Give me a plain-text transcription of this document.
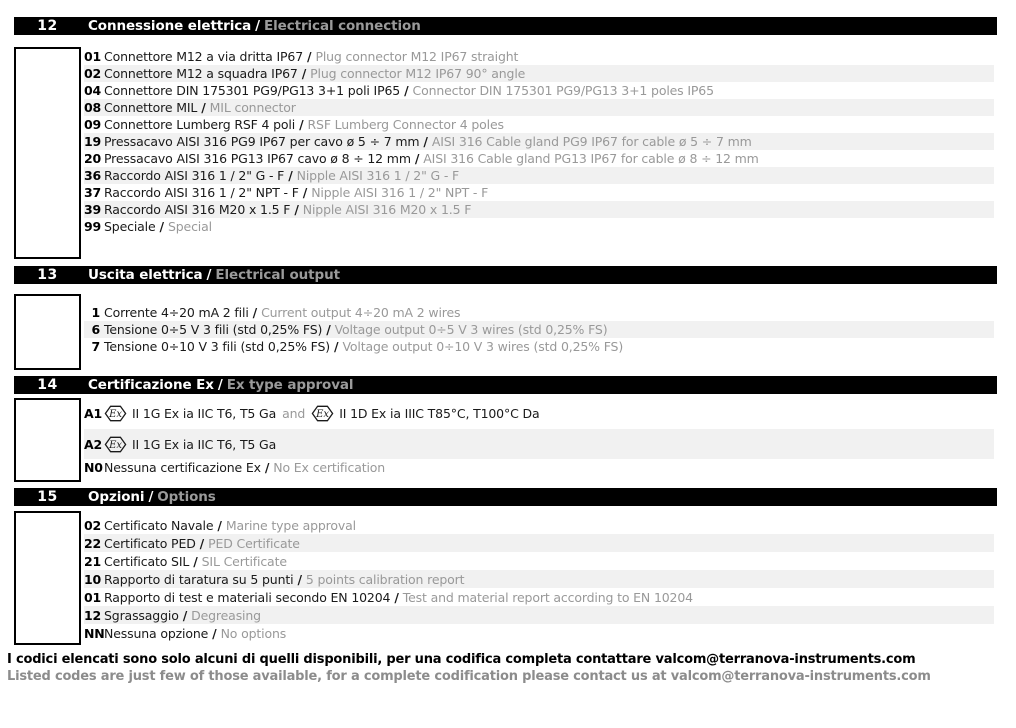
12	Connessione elettrica / Electrical connection
01 Connettore M12 a via dritta IP67 / Plug connector M12 IP67 straight
02 Connettore M12 a squadra IP67 / Plug connector M12 IP67 90° angle
04 Connettore DIN 175301 PG9/PG13 3+1 poli IP65 / Connector DIN 175301 PG9/PG13 3+1 poles IP65
08 Connettore MIL / MIL connector
09 Connettore Lumberg RSF 4 poli / RSF Lumberg Connector 4 poles
19 Pressacavo AISI 316 PG9 IP67 per cavo ø 5 ÷ 7 mm / AISI 316 Cable gland PG9 IP67 for cable ø 5 ÷ 7 mm
20 Pressacavo AISI 316 PG13 IP67 cavo ø 8 ÷ 12 mm / AISI 316 Cable gland PG13 IP67 for cable ø 8 ÷ 12 mm
36 Raccordo AISI 316 1 / 2" G - F / Nipple AISI 316 1 / 2" G - F
37 Raccordo AISI 316 1 / 2" NPT - F / Nipple AISI 316 1 / 2" NPT - F
39 Raccordo AISI 316 M20 x 1.5 F / Nipple AISI 316 M20 x 1.5 F
99 Speciale / Special
13	Uscita elettrica / Electrical output
1 Corrente 4÷20 mA 2 fili / Current output 4÷20 mA 2 wires
6 Tensione 0÷5 V 3 fili (std 0,25% FS) / Voltage output 0÷5 V 3 wires (std 0,25% FS)
7 Tensione 0÷10 V 3 fili (std 0,25% FS) / Voltage output 0÷10 V 3 wires (std 0,25% FS)
14	Certificazione Ex / Ex type approval
A1 Ex II 1G Ex ia IIC T6, T5 Ga and Ex II 1D Ex ia IIIC T85°C, T100°C Da
A2 Ex II 1G Ex ia IIC T6, T5 Ga
N0 Nessuna certificazione Ex / No Ex certification
15	Opzioni / Options
02 Certificato Navale / Marine type approval
22 Certificato PED / PED Certificate
21 Certificato SIL / SIL Certificate
10 Rapporto di taratura su 5 punti / 5 points calibration report
01 Rapporto di test e materiali secondo EN 10204 / Test and material report according to EN 10204
12 Sgrassaggio / Degreasing
NN Nessuna opzione / No options
I codici elencati sono solo alcuni di quelli disponibili, per una codifica completa contattare valcom@terranova-instruments.com
Listed codes are just few of those available, for a complete codification please contact us at valcom@terranova-instruments.com
